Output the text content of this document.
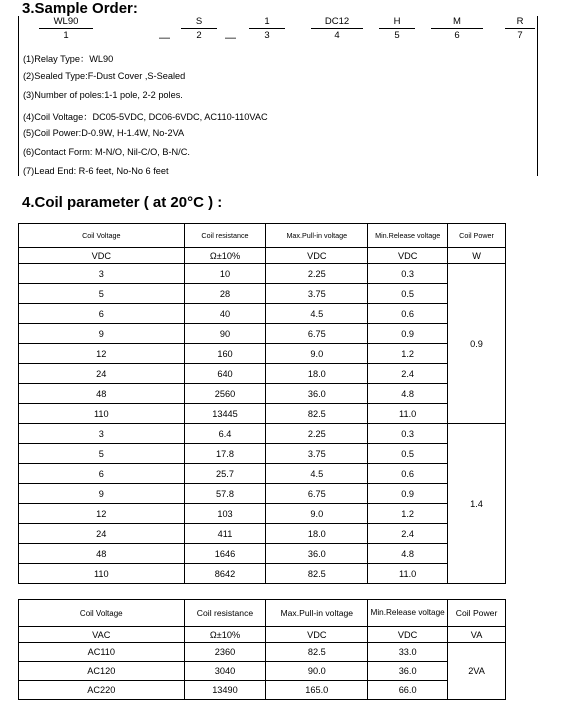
3.Sample Order:
WL90
1	—
S
2	—
1
3
DC12
4
H
5
M
6
R
7
(1)Relay Type：WL90
(2)Sealed Type:F-Dust Cover ,S-Sealed
(3)Number of poles:1-1 pole, 2-2 poles.
(4)Coil Voltage：DC05-5VDC, DC06-6VDC, AC110-110VAC
(5)Coil Power:D-0.9W, H-1.4W, No-2VA
(6)Contact Form: M-N/O, Nil-C/O, B-N/C.
(7)Lead End: R-6 feet, No-No 6 feet
4.Coil parameter ( at 20°C ) :
Coil Voltage	Coil resistance	Max.Pull-in voltage	Min.Release voltage	Coil Power
VDC	Ω±10%	VDC	VDC	W
3	10	2.25	0.3	0.9
5	28	3.75	0.5	
6	40	4.5	0.6	
9	90	6.75	0.9	
12	160	9.0	1.2	
24	640	18.0	2.4	
48	2560	36.0	4.8	
110	13445	82.5	11.0	
3	6.4	2.25	0.3	1.4
5	17.8	3.75	0.5	
6	25.7	4.5	0.6	
9	57.8	6.75	0.9	
12	103	9.0	1.2	
24	411	18.0	2.4	
48	1646	36.0	4.8	
110	8642	82.5	11.0	
Coil Voltage	Coil resistance	Max.Pull-in voltage	Min.Release voltage	Coil Power
VAC	Ω±10%	VDC	VDC	VA
AC110	2360	82.5	33.0	2VA
AC120	3040	90.0	36.0	
AC220	13490	165.0	66.0	
